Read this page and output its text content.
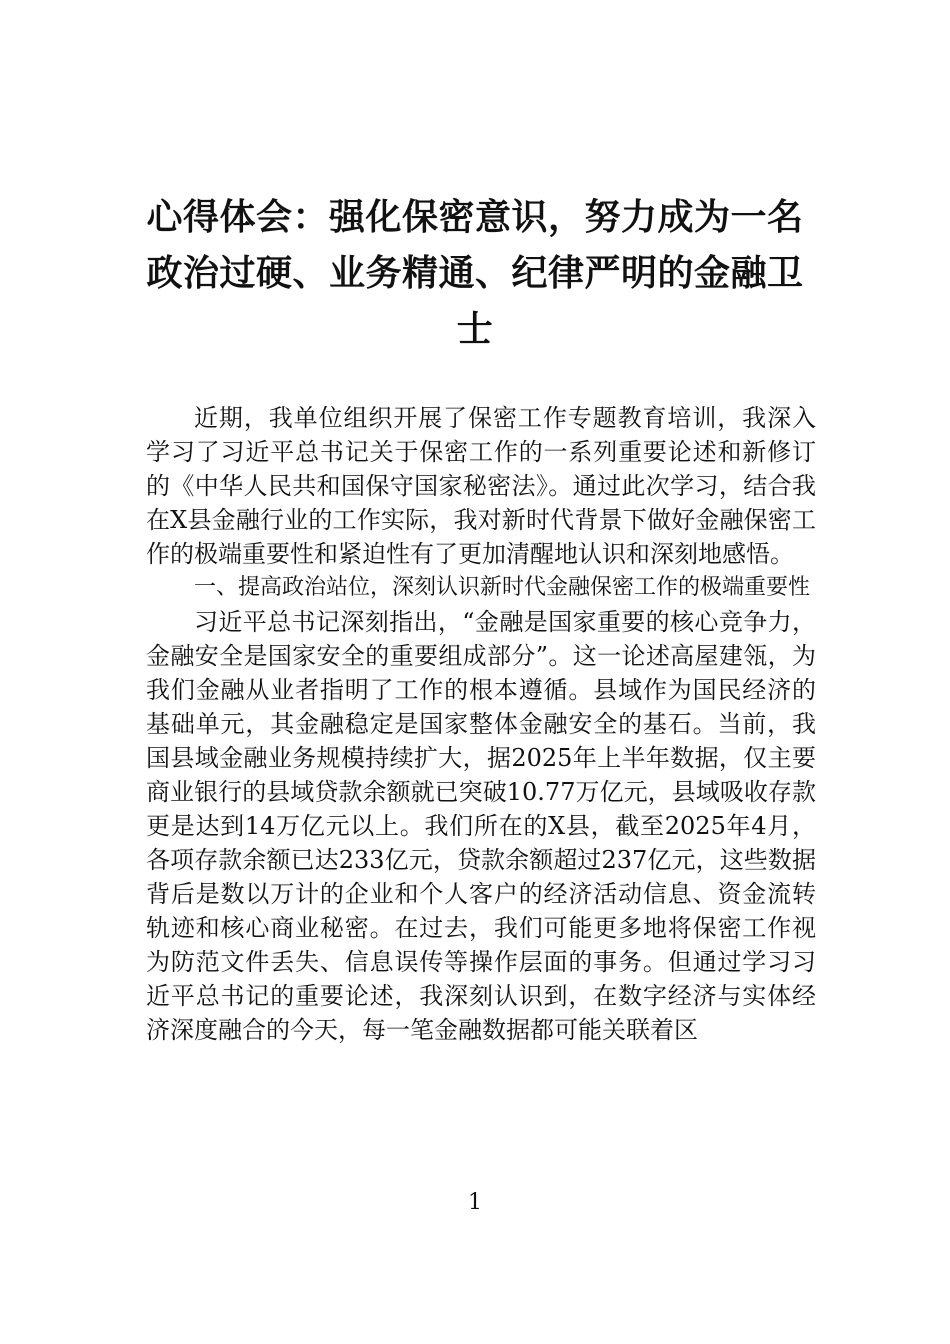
心得体会：强化保密意识，努力成为一名
政治过硬、业务精通、纪律严明的金融卫
士

近期，我单位组织开展了保密工作专题教育培训，我深入学习了习近平总书记关于保密工作的一系列重要论述和新修订的《中华人民共和国保守国家秘密法》。通过此次学习，结合我在X县金融行业的工作实际，我对新时代背景下做好金融保密工作的极端重要性和紧迫性有了更加清醒地认识和深刻地感悟。

一、提高政治站位，深刻认识新时代金融保密工作的极端重要性

习近平总书记深刻指出，“金融是国家重要的核心竞争力，金融安全是国家安全的重要组成部分”。这一论述高屋建瓴，为我们金融从业者指明了工作的根本遵循。县域作为国民经济的基础单元，其金融稳定是国家整体金融安全的基石。当前，我国县域金融业务规模持续扩大，据2025年上半年数据，仅主要商业银行的县域贷款余额就已突破10.77万亿元，县域吸收存款更是达到14万亿元以上。我们所在的X县，截至2025年4月，各项存款余额已达233亿元，贷款余额超过237亿元，这些数据背后是数以万计的企业和个人客户的经济活动信息、资金流转轨迹和核心商业秘密。在过去，我们可能更多地将保密工作视为防范文件丢失、信息误传等操作层面的事务。但通过学习习近平总书记的重要论述，我深刻认识到，在数字经济与实体经济深度融合的今天，每一笔金融数据都可能关联着区

1
